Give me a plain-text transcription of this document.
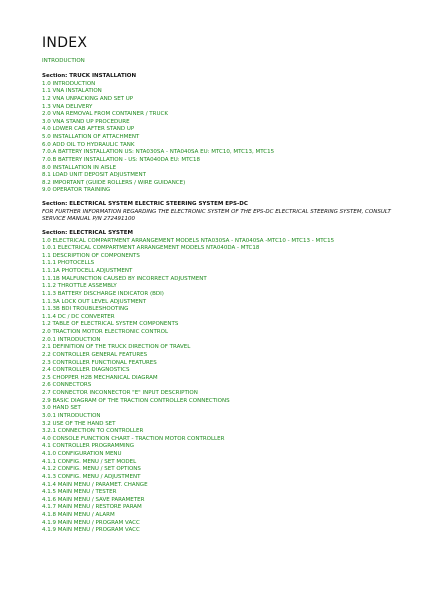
INDEX
INTRODUCTION
Section: TRUCK INSTALLATION
1.0 INTRODUCTION
1.1 VNA INSTALATION
1.2 VNA UNPACKING AND SET UP
1.3 VNA DELIVERY
2.0 VNA REMOVAL FROM CONTAINER / TRUCK
3.0 VNA STAND UP PROCEDURE
4.0 LOWER CAB AFTER STAND UP
5.0 INSTALLATION OF ATTACHMENT
6.0 ADD OIL TO HYDRAULIC TANK
7.0.A BATTERY INSTALLATION US: NTA030SA - NTA040SA EU: MTC10, MTC13, MTC15
7.0.B BATTERY INSTALLATION - US: NTA040DA EU: MTC18
8.0 INSTALLATION IN AISLE
8.1 LOAD UNIT DEPOSIT ADJUSTMENT
8.2 IMPORTANT (GUIDE ROLLERS / WIRE GUIDANCE)
9.0 OPERATOR TRAINING
Section: ELECTRICAL SYSTEM ELECTRIC STEERING SYSTEM EPS-DC
FOR FURTHER INFORMATION REGARDING THE ELECTRONIC SYSTEM OF THE EPS-DC ELECTRICAL STEERING SYSTEM, CONSULT SERVICE MANUAL P/N 272491100
Section: ELECTRICAL SYSTEM
1.0 ELECTRICAL COMPARTMENT ARRANGEMENT MODELS NTA030SA - NTA040SA -MTC10 - MTC13 - MTC15
1.0.1 ELECTRICAL COMPARTMENT ARRANGEMENT MODELS NTA040DA - MTC18
1.1 DESCRIPTION OF COMPONENTS
1.1.1 PHOTOCELLS
1.1.1A PHOTOCELL ADJUSTMENT
1.1.1B MALFUNCTION CAUSED BY INCORRECT ADJUSTMENT
1.1.2 THROTTLE ASSEMBLY
1.1.3 BATTERY DISCHARGE INDICATOR (BDI)
1.1.3A LOCK OUT LEVEL ADJUSTMENT
1.1.3B BDI TROUBLESHOOTING
1.1.4 DC / DC CONVERTER
1.2 TABLE OF ELECTRICAL SYSTEM COMPONENTS
2.0 TRACTION MOTOR ELECTRONIC CONTROL
2.0.1 INTRODUCTION
2.1 DEFINITION OF THE TRUCK DIRECTION OF TRAVEL
2.2 CONTROLLER GENERAL FEATURES
2.3 CONTROLLER FUNCTIONAL FEATURES
2.4 CONTROLLER DIAGNOSTICS
2.5 CHOPPER H2B MECHANICAL DIAGRAM
2.6 CONNECTORS
2.7 CONNECTOR INCONNECTOR "E" INPUT DESCRIPTION
2.9 BASIC DIAGRAM OF THE TRACTION CONTROLLER CONNECTIONS
3.0 HAND SET
3.0.1 INTRODUCTION
3.2 USE OF THE HAND SET
3.2.1 CONNECTION TO CONTROLLER
4.0 CONSOLE FUNCTION CHART - TRACTION MOTOR CONTROLLER
4.1 CONTROLLER PROGRAMMING
4.1.0 CONFIGURATION MENU
4.1.1 CONFIG. MENU / SET MODEL
4.1.2 CONFIG. MENU / SET OPTIONS
4.1.3 CONFIG. MENU / ADJUSTMENT
4.1.4 MAIN MENU / PARAMET. CHANGE
4.1.5 MAIN MENU / TESTER
4.1.6 MAIN MENU / SAVE PARAMETER
4.1.7 MAIN MENU / RESTORE PARAM
4.1.8 MAIN MENU / ALARM
4.1.9 MAIN MENU / PROGRAM VACC
4.1.9 MAIN MENU / PROGRAM VACC
